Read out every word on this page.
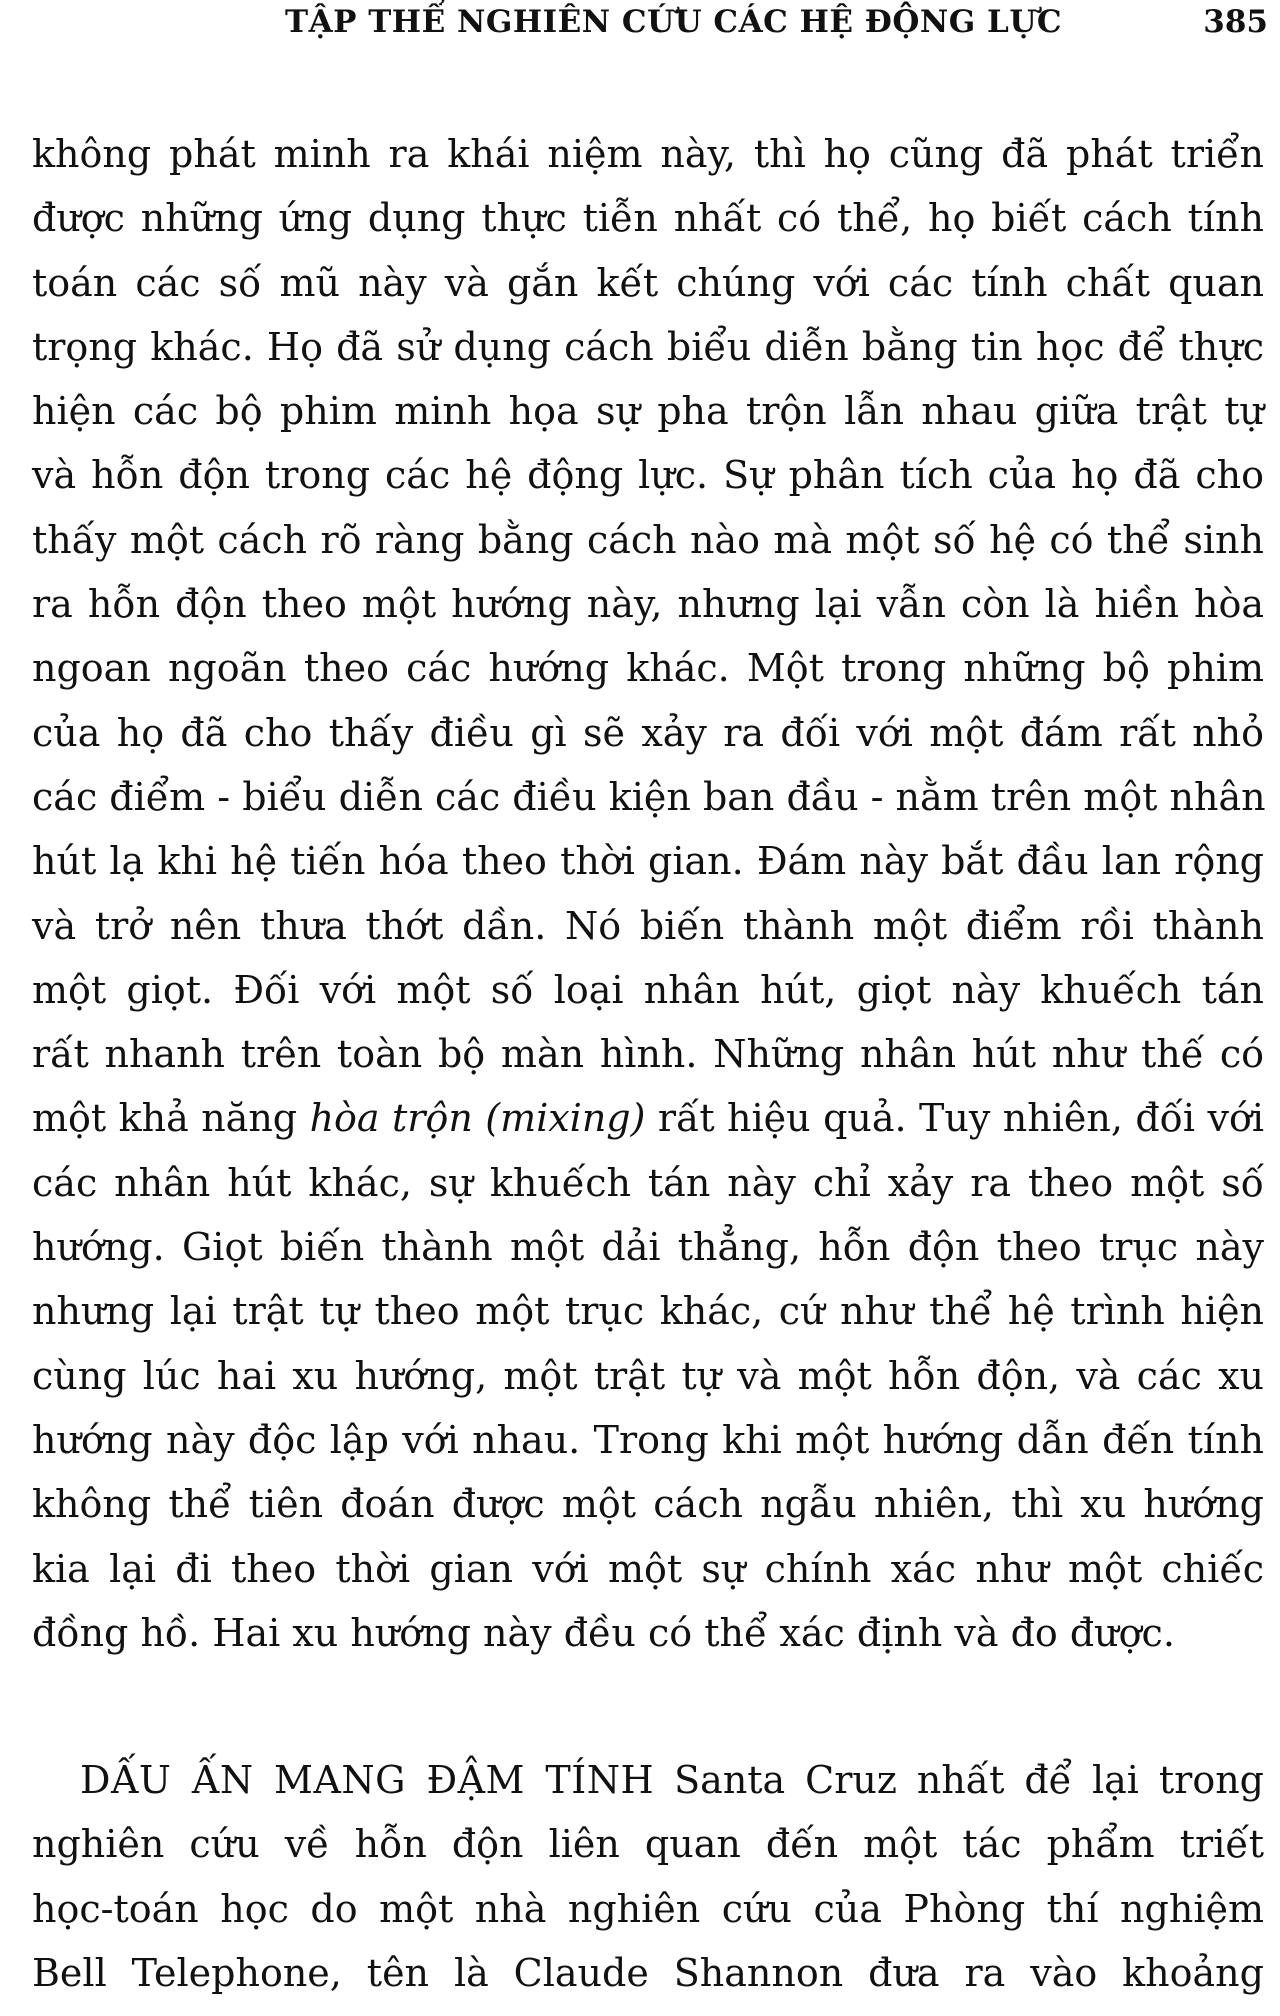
TẬP THỂ NGHIÊN CỨU CÁC HỆ ĐỘNG LỰC	385
không phát minh ra khái niệm này, thì họ cũng đã phát triển
được những ứng dụng thực tiễn nhất có thể, họ biết cách tính
toán các số mũ này và gắn kết chúng với các tính chất quan
trọng khác. Họ đã sử dụng cách biểu diễn bằng tin học để thực
hiện các bộ phim minh họa sự pha trộn lẫn nhau giữa trật tự
và hỗn độn trong các hệ động lực. Sự phân tích của họ đã cho
thấy một cách rõ ràng bằng cách nào mà một số hệ có thể sinh
ra hỗn độn theo một hướng này, nhưng lại vẫn còn là hiền hòa
ngoan ngoãn theo các hướng khác. Một trong những bộ phim
của họ đã cho thấy điều gì sẽ xảy ra đối với một đám rất nhỏ
các điểm - biểu diễn các điều kiện ban đầu - nằm trên một nhân
hút lạ khi hệ tiến hóa theo thời gian. Đám này bắt đầu lan rộng
và trở nên thưa thớt dần. Nó biến thành một điểm rồi thành
một giọt. Đối với một số loại nhân hút, giọt này khuếch tán
rất nhanh trên toàn bộ màn hình. Những nhân hút như thế có
một khả năng hòa trộn (mixing) rất hiệu quả. Tuy nhiên, đối với
các nhân hút khác, sự khuếch tán này chỉ xảy ra theo một số
hướng. Giọt biến thành một dải thẳng, hỗn độn theo trục này
nhưng lại trật tự theo một trục khác, cứ như thể hệ trình hiện
cùng lúc hai xu hướng, một trật tự và một hỗn độn, và các xu
hướng này độc lập với nhau. Trong khi một hướng dẫn đến tính
không thể tiên đoán được một cách ngẫu nhiên, thì xu hướng
kia lại đi theo thời gian với một sự chính xác như một chiếc
đồng hồ. Hai xu hướng này đều có thể xác định và đo được.
DẤU ẤN MANG ĐẬM TÍNH Santa Cruz nhất để lại trong
nghiên cứu về hỗn độn liên quan đến một tác phẩm triết
học-toán học do một nhà nghiên cứu của Phòng thí nghiệm
Bell Telephone, tên là Claude Shannon đưa ra vào khoảng
